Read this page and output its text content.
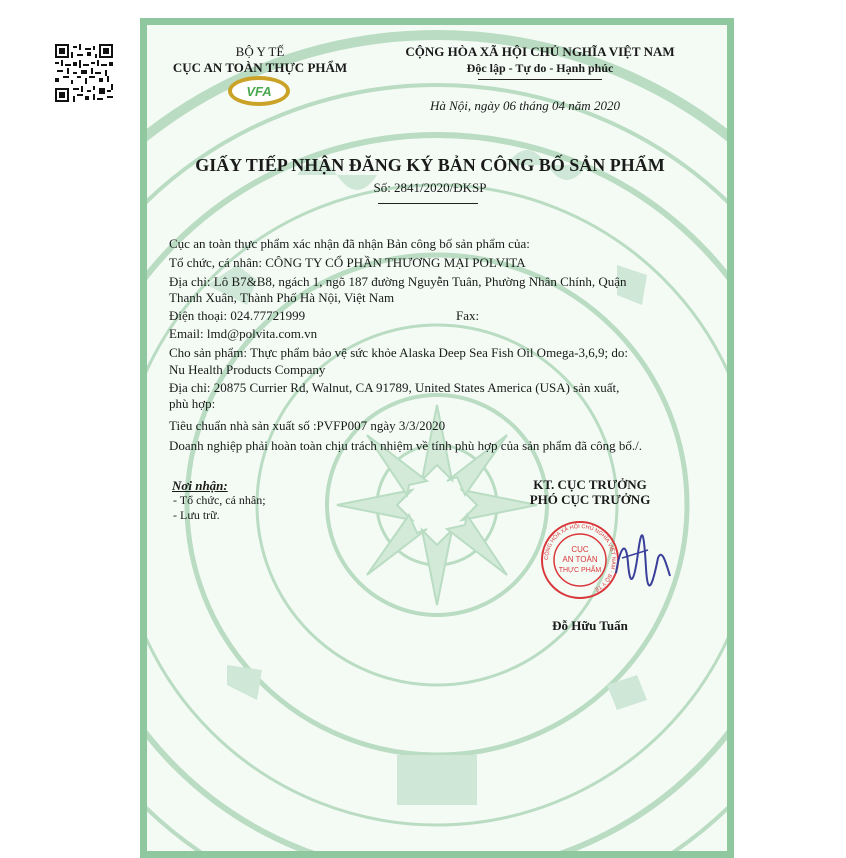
BỘ Y TẾ
CỤC AN TOÀN THỰC PHẨM
VFA
CỘNG HÒA XÃ HỘI CHỦ NGHĨA VIỆT NAM
Độc lập - Tự do - Hạnh phúc
Hà Nội, ngày 06 tháng 04 năm 2020
GIẤY TIẾP NHẬN ĐĂNG KÝ BẢN CÔNG BỐ SẢN PHẨM
Số: 2841/2020/ĐKSP
Cục an toàn thực phẩm xác nhận đã nhận Bản công bố sản phẩm của:
Tổ chức, cá nhân: CÔNG TY CỔ PHẦN THƯƠNG MẠI POLVITA
Địa chỉ: Lô B7&B8, ngách 1, ngõ 187 đường Nguyễn Tuân, Phường Nhân Chính, Quận
Thanh Xuân, Thành Phố Hà Nội, Việt Nam
Điện thoại: 024.77721999	Fax:
Email: lmd@polvita.com.vn
Cho sản phẩm: Thực phẩm bảo vệ sức khỏe Alaska Deep Sea Fish Oil Omega-3,6,9; do:
Nu Health Products Company
Địa chỉ: 20875 Currier Rd, Walnut, CA 91789, United States America (USA) sản xuất,
phù hợp:
Tiêu chuẩn nhà sản xuất số :PVFP007 ngày 3/3/2020
Doanh nghiệp phải hoàn toàn chịu trách nhiệm về tính phù hợp của sản phẩm đã công bố./.
Nơi nhận:
- Tổ chức, cá nhân;
- Lưu trữ.
KT. CỤC TRƯỞNG
PHÓ CỤC TRƯỞNG
CỘNG HÒA XÃ HỘI CHỦ NGHĨA VIỆT NAM · BỘ Y TẾ
CỤC
AN TOÀN
THỰC PHẨM
Đỗ Hữu Tuấn
